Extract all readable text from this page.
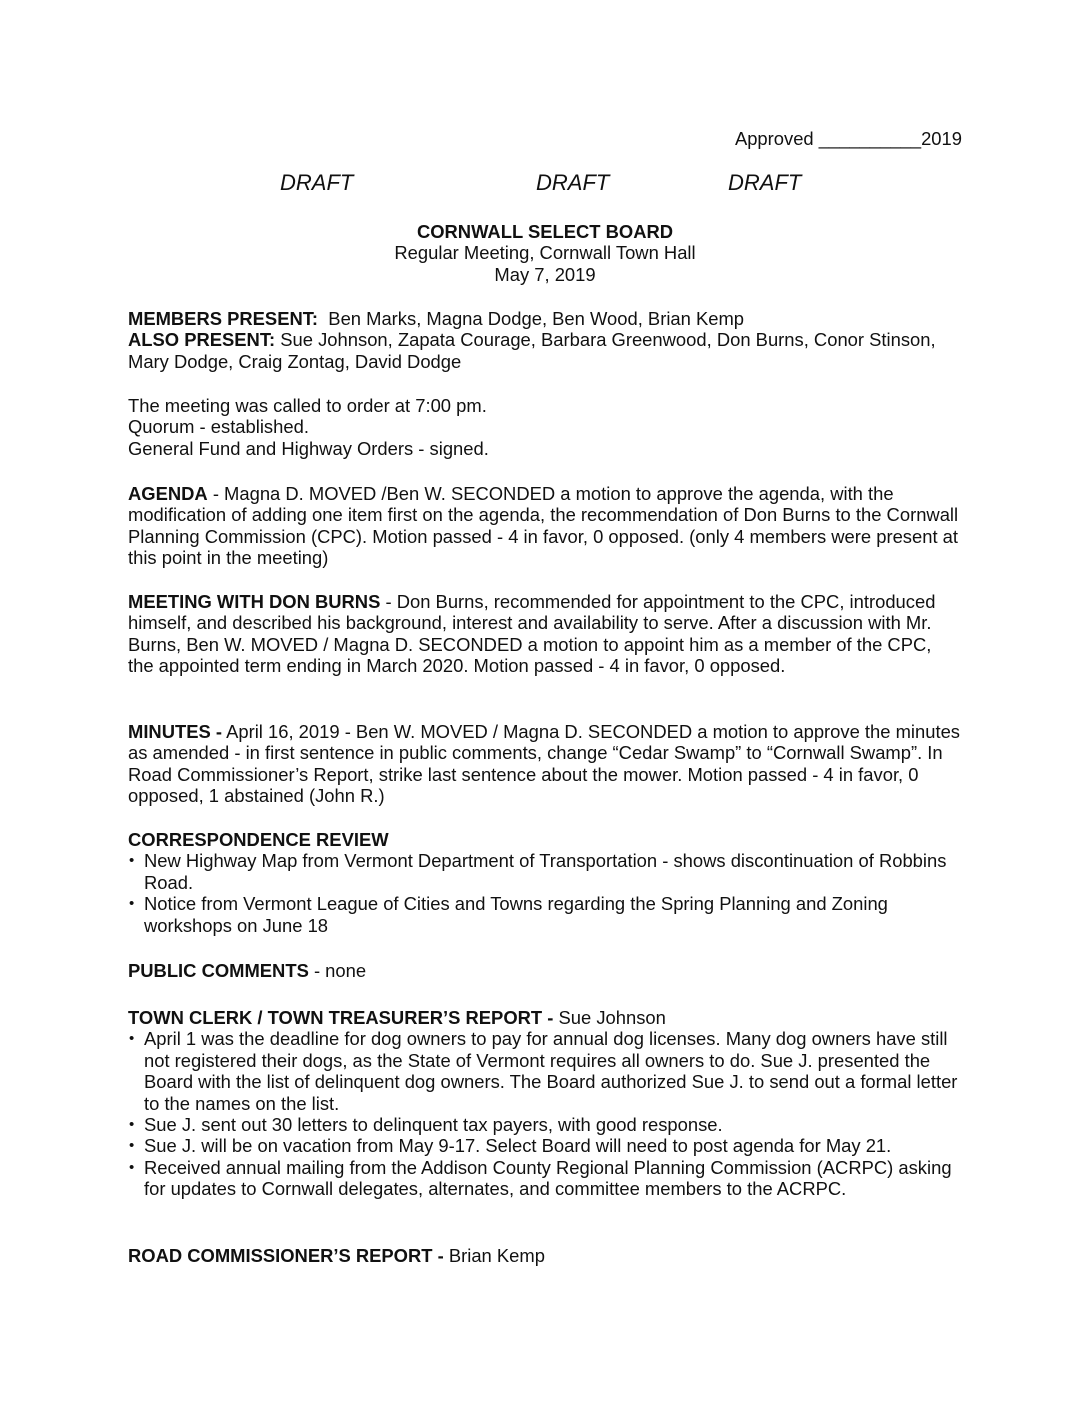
Approved __________2019
DRAFT	DRAFT	DRAFT
CORNWALL SELECT BOARD
Regular Meeting, Cornwall Town Hall
May 7, 2019

MEMBERS PRESENT: Ben Marks, Magna Dodge, Ben Wood, Brian Kemp

ALSO PRESENT: Sue Johnson, Zapata Courage, Barbara Greenwood, Don Burns, Conor Stinson, Mary Dodge, Craig Zontag, David Dodge

The meeting was called to order at 7:00 pm.

Quorum - established.

General Fund and Highway Orders - signed.

AGENDA - Magna D. MOVED /Ben W. SECONDED a motion to approve the agenda, with the modification of adding one item first on the agenda, the recommendation of Don Burns to the Cornwall Planning Commission (CPC). Motion passed - 4 in favor, 0 opposed. (only 4 members were present at this point in the meeting)

MEETING WITH DON BURNS - Don Burns, recommended for appointment to the CPC, introduced himself, and described his background, interest and availability to serve. After a discussion with Mr. Burns, Ben W. MOVED / Magna D. SECONDED a motion to appoint him as a member of the CPC, the appointed term ending in March 2020. Motion passed - 4 in favor, 0 opposed.

MINUTES - April 16, 2019 - Ben W. MOVED / Magna D. SECONDED a motion to approve the minutes as amended - in first sentence in public comments, change “Cedar Swamp” to “Cornwall Swamp”. In Road Commissioner’s Report, strike last sentence about the mower. Motion passed - 4 in favor, 0 opposed, 1 abstained (John R.)

CORRESPONDENCE REVIEW

• New Highway Map from Vermont Department of Transportation - shows discontinuation of Robbins Road.
• Notice from Vermont League of Cities and Towns regarding the Spring Planning and Zoning workshops on June 18

PUBLIC COMMENTS - none

TOWN CLERK / TOWN TREASURER’S REPORT - Sue Johnson

• April 1 was the deadline for dog owners to pay for annual dog licenses. Many dog owners have still not registered their dogs, as the State of Vermont requires all owners to do. Sue J. presented the Board with the list of delinquent dog owners. The Board authorized Sue J. to send out a formal letter to the names on the list.
• Sue J. sent out 30 letters to delinquent tax payers, with good response.
• Sue J. will be on vacation from May 9-17. Select Board will need to post agenda for May 21.
• Received annual mailing from the Addison County Regional Planning Commission (ACRPC) asking for updates to Cornwall delegates, alternates, and committee members to the ACRPC.

ROAD COMMISSIONER’S REPORT - Brian Kemp
